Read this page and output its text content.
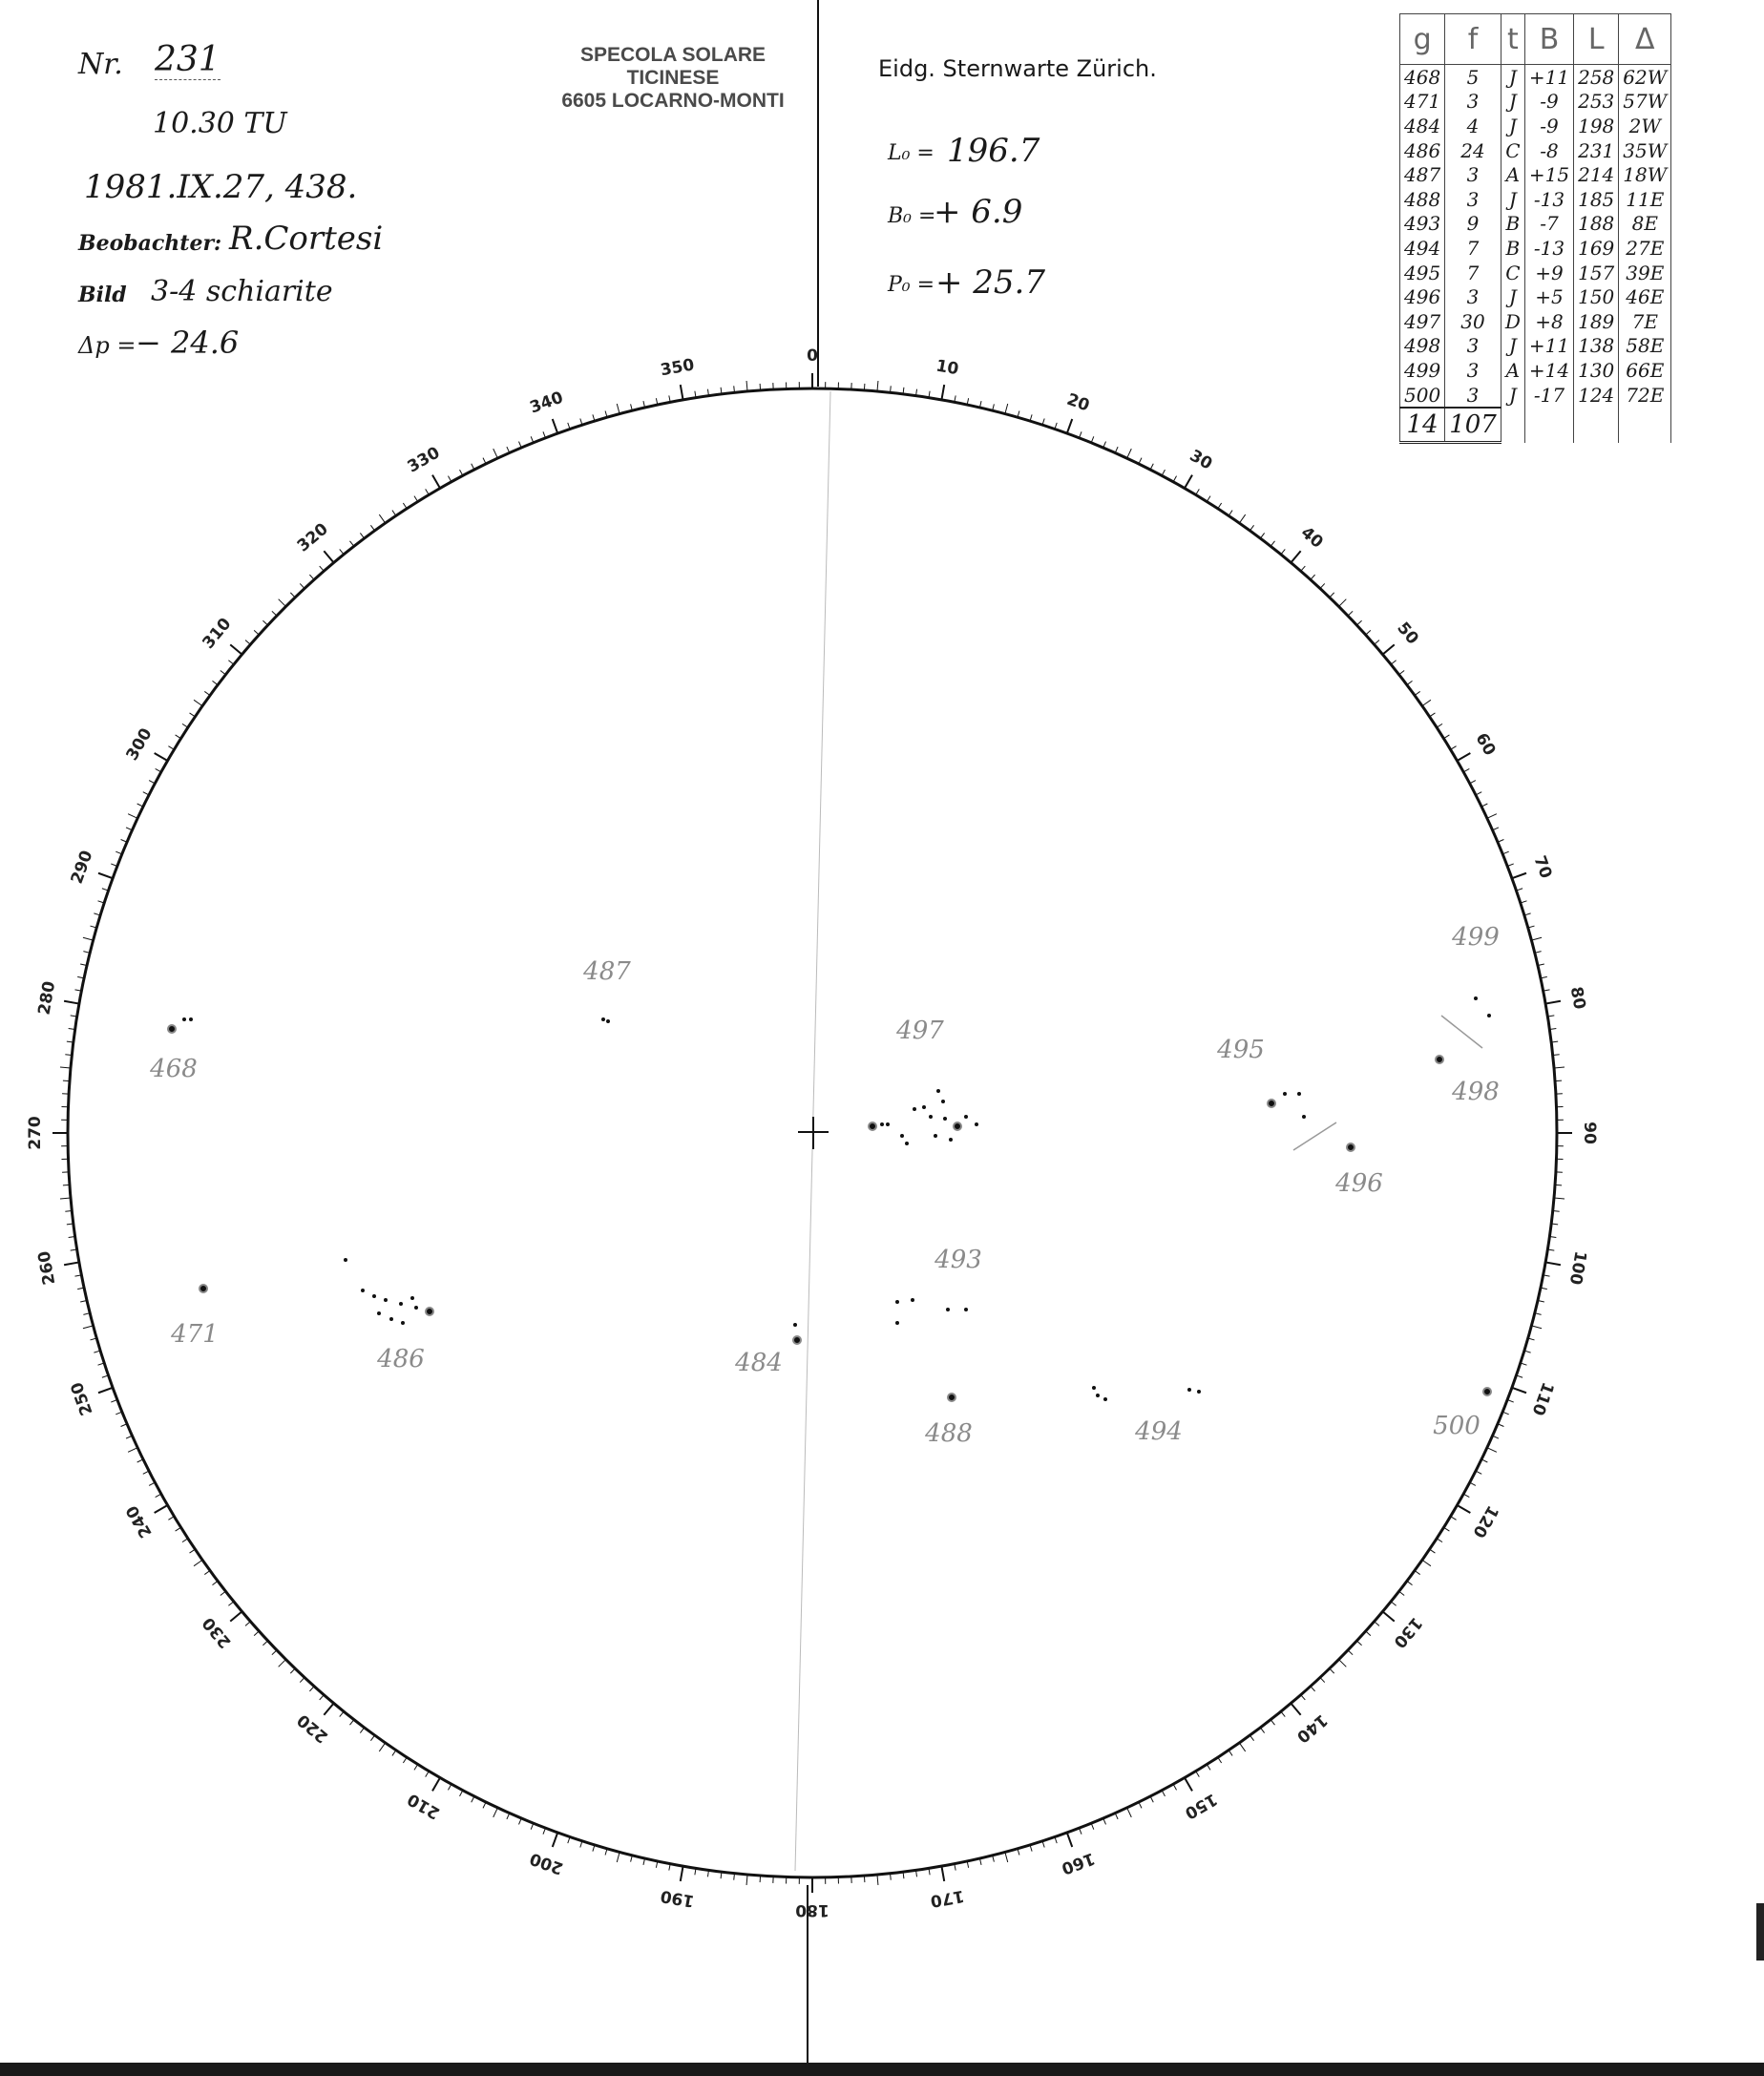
Nr. 231
10.30 TU
1981.IX.27, 438.
Beobachter: R.Cortesi
Bild 3-4 schiarite
Δp = − 24.6
SPECOLA SOLARE
TICINESE
6605 LOCARNO-MONTI
Eidg. Sternwarte Zürich.
L₀ = 196.7
B₀ =
+ 6.9
P₀ = + 25.7
g	f	t	B	L	Δ
468	5	J	+11	258	62W
471	3	J	-9	253	57W
484	4	J	-9	198	2W
486	24	C	-8	231	35W
487	3	A	+15	214	18W
488	3	J	-13	185	11E
493	9	B	-7	188	8E
494	7	B	-13	169	27E
495	7	C	+9	157	39E
496	3	J	+5	150	46E
497	30	D	+8	189	7E
498	3	J	+11	138	58E
499	3	A	+14	130	66E
500	3	J	-17	124	72E
14	107				
0
10
20
30
40
50
60
70
80
90
100
110
120
130
140
150
160
170
180
190
200
210
220
230
240
250
260
270
280
290
300
310
320
330
340
350
468
487
497
495
496
498
499
471
486	484
493
488	494	500
